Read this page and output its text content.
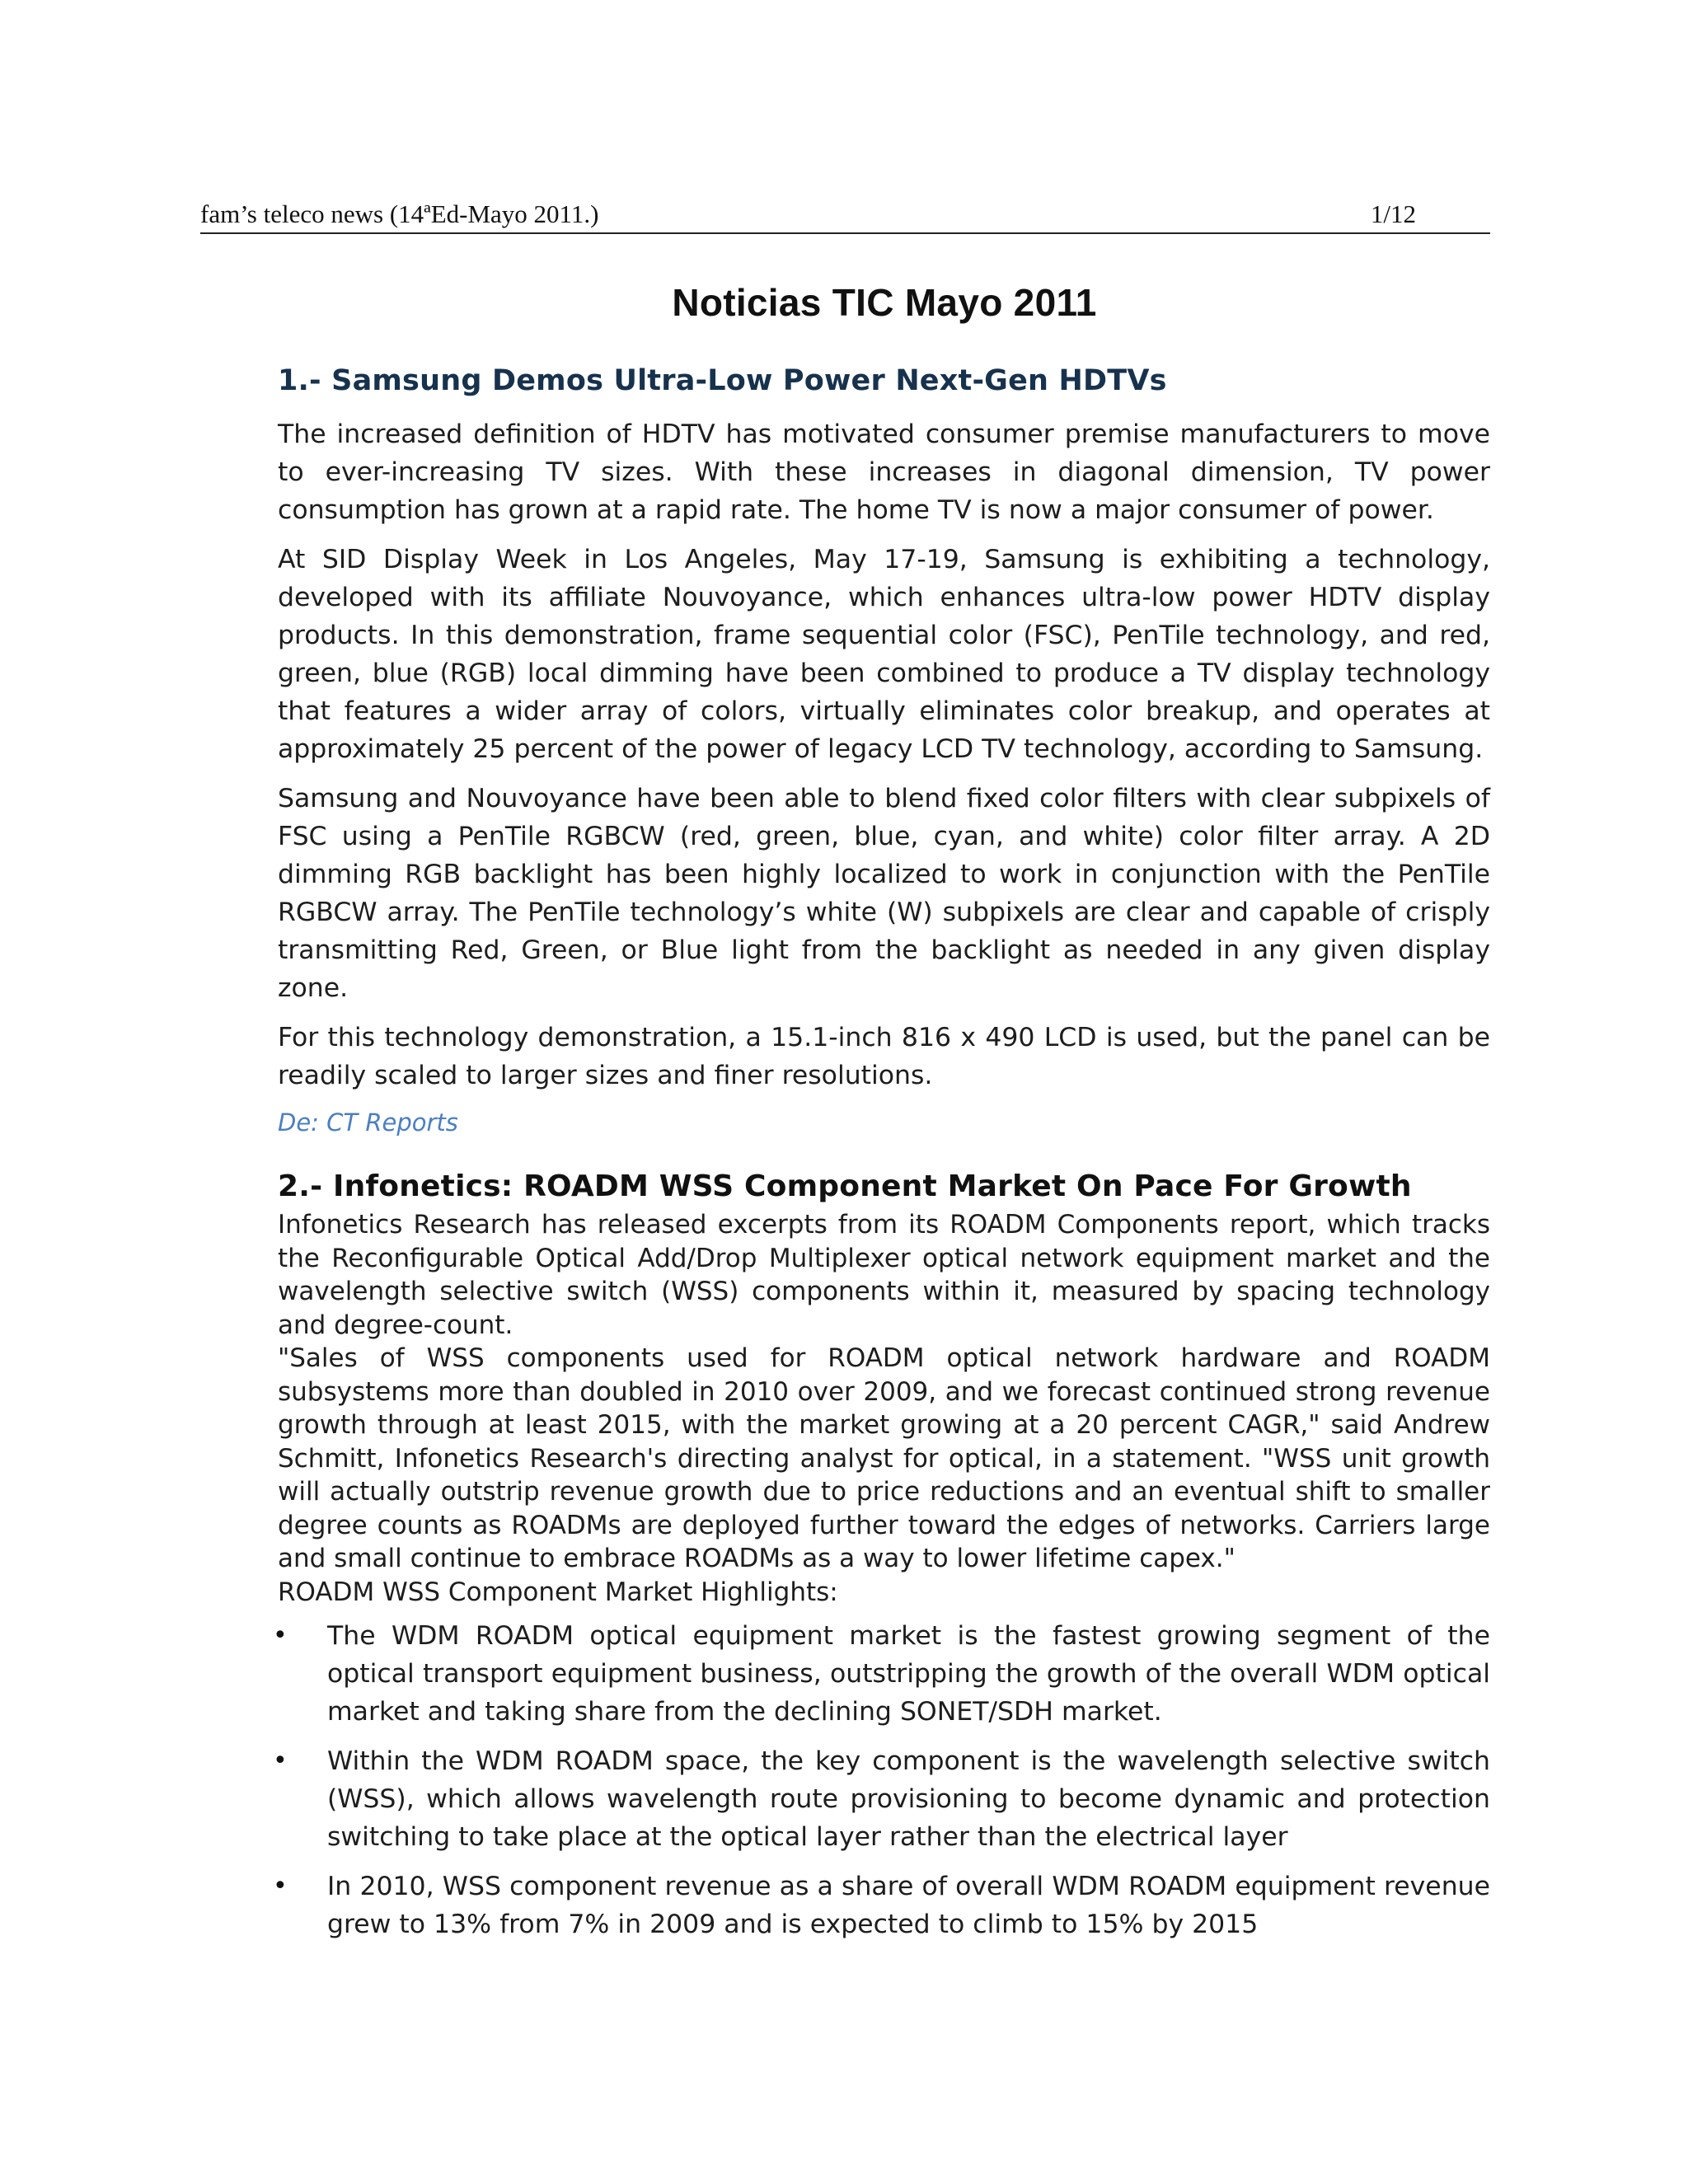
fam’s teleco news (14ªEd-Mayo 2011.)	1/12
Noticias TIC Mayo 2011
1.- Samsung Demos Ultra-Low Power Next-Gen HDTVs

The increased definition of HDTV has motivated consumer premise manufacturers to move to ever-increasing TV sizes. With these increases in diagonal dimension, TV power consumption has grown at a rapid rate. The home TV is now a major consumer of power.

At SID Display Week in Los Angeles, May 17-19, Samsung is exhibiting a technology, developed with its affiliate Nouvoyance, which enhances ultra-low power HDTV display products. In this demonstration, frame sequential color (FSC), PenTile technology, and red, green, blue (RGB) local dimming have been combined to produce a TV display technology that features a wider array of colors, virtually eliminates color breakup, and operates at approximately 25 percent of the power of legacy LCD TV technology, according to Samsung.

Samsung and Nouvoyance have been able to blend fixed color filters with clear subpixels of FSC using a PenTile RGBCW (red, green, blue, cyan, and white) color filter array. A 2D dimming RGB backlight has been highly localized to work in conjunction with the PenTile RGBCW array. The PenTile technology’s white (W) subpixels are clear and capable of crisply transmitting Red, Green, or Blue light from the backlight as needed in any given display zone.

For this technology demonstration, a 15.1-inch 816 x 490 LCD is used, but the panel can be readily scaled to larger sizes and finer resolutions.

De: CT Reports

2.- Infonetics: ROADM WSS Component Market On Pace For Growth

Infonetics Research has released excerpts from its ROADM Components report, which tracks the Reconfigurable Optical Add/Drop Multiplexer optical network equipment market and the wavelength selective switch (WSS) components within it, measured by spacing technology and degree-count.

"Sales of WSS components used for ROADM optical network hardware and ROADM subsystems more than doubled in 2010 over 2009, and we forecast continued strong revenue growth through at least 2015, with the market growing at a 20 percent CAGR," said Andrew Schmitt, Infonetics Research's directing analyst for optical, in a statement. "WSS unit growth will actually outstrip revenue growth due to price reductions and an eventual shift to smaller degree counts as ROADMs are deployed further toward the edges of networks. Carriers large and small continue to embrace ROADMs as a way to lower lifetime capex."

ROADM WSS Component Market Highlights:

•	The WDM ROADM optical equipment market is the fastest growing segment of the optical transport equipment business, outstripping the growth of the overall WDM optical market and taking share from the declining SONET/SDH market.
•	Within the WDM ROADM space, the key component is the wavelength selective switch (WSS), which allows wavelength route provisioning to become dynamic and protection switching to take place at the optical layer rather than the electrical layer
•	In 2010, WSS component revenue as a share of overall WDM ROADM equipment revenue grew to 13% from 7% in 2009 and is expected to climb to 15% by 2015
